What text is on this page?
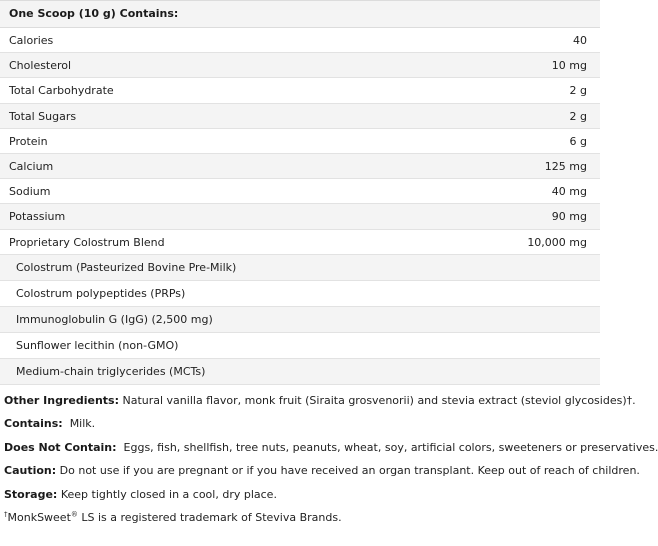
One Scoop (10 g) Contains:
Calories	40
Cholesterol	10 mg
Total Carbohydrate	2 g
Total Sugars	2 g
Protein	6 g
Calcium	125 mg
Sodium	40 mg
Potassium	90 mg
Proprietary Colostrum Blend	10,000 mg
Colostrum (Pasteurized Bovine Pre-Milk)
Colostrum polypeptides (PRPs)
Immunoglobulin G (IgG) (2,500 mg)
Sunflower lecithin (non-GMO)
Medium-chain triglycerides (MCTs)
Other Ingredients: Natural vanilla flavor, monk fruit (Siraita grosvenorii) and stevia extract (steviol glycosides)†.
Contains:  Milk.
Does Not Contain:  Eggs, fish, shellfish, tree nuts, peanuts, wheat, soy, artificial colors, sweeteners or preservatives.
Caution: Do not use if you are pregnant or if you have received an organ transplant. Keep out of reach of children.
Storage: Keep tightly closed in a cool, dry place.
†MonkSweet® LS is a registered trademark of Steviva Brands.
